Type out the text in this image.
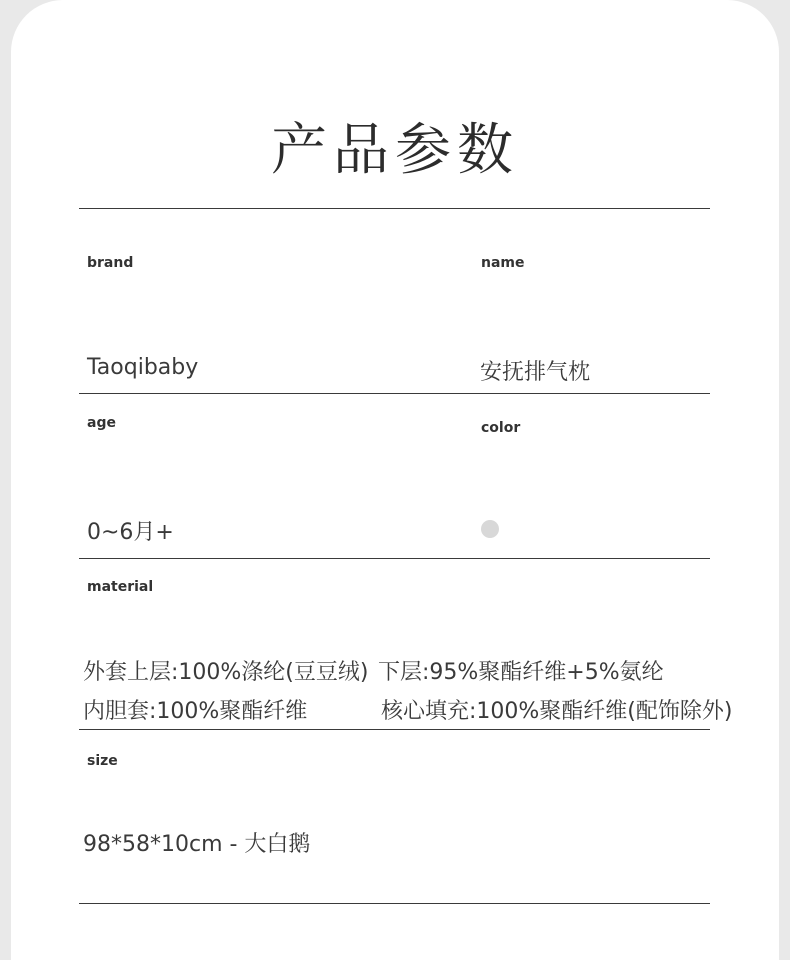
产品参数
brand	name
Taoqibaby	安抚排气枕
age	color
0~6月+
material
外套上层:100%涤纶(豆豆绒) 下层:95%聚酯纤维+5%氨纶
内胆套:100%聚酯纤维	核心填充:100%聚酯纤维(配饰除外)
size
98*58*10cm - 大白鹅
